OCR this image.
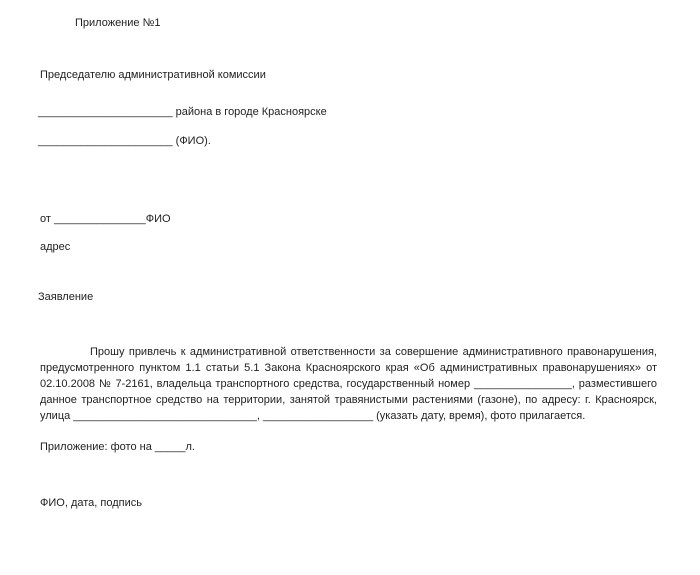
Приложение №1
Председателю административной комиссии
______________________ района в городе Красноярске
______________________ (ФИО).
от _______________ФИО
адрес
Заявление
Прошу привлечь к административной ответственности за совершение административного правонарушения, предусмотренного пунктом 1.1 статьи 5.1 Закона Красноярского края «Об административных правонарушениях» от 02.10.2008 № 7-2161, владельца транспортного средства, государственный номер ________________, разместившего данное транспортное средство на территории, занятой травянистыми растениями (газоне), по адресу: г. Красноярск, улица ______________________________, __________________ (указать дату, время), фото прилагается.
Приложение: фото на _____л.
ФИО, дата, подпись
